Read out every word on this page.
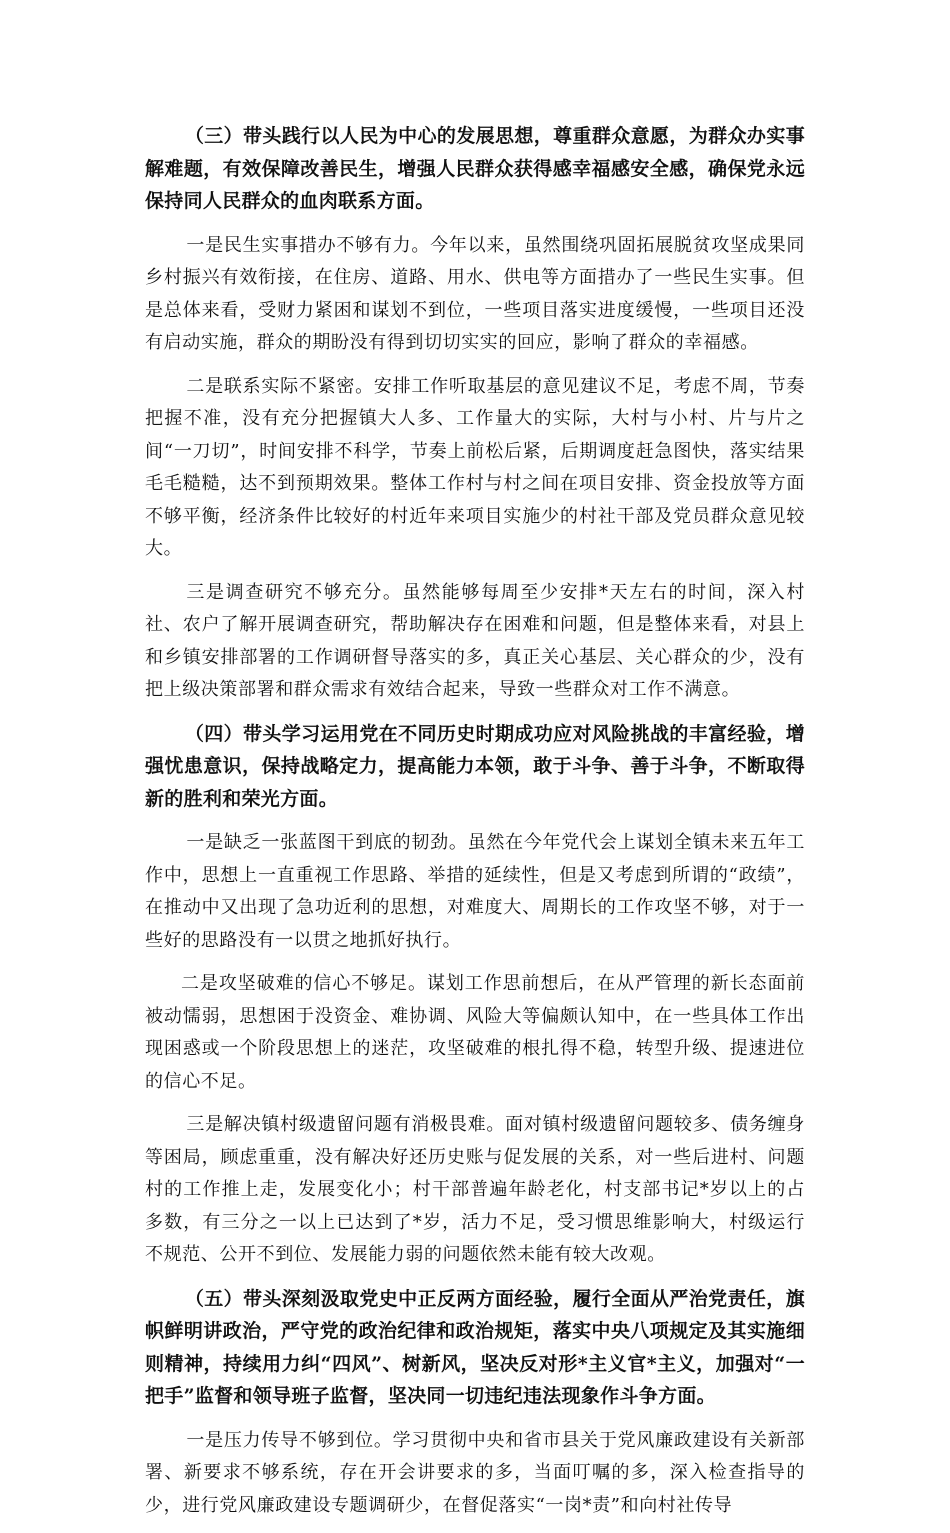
（三）带头践行以人民为中心的发展思想，尊重群众意愿，为群众办实事解难题，有效保障改善民生，增强人民群众获得感幸福感安全感，确保党永远保持同人民群众的血肉联系方面。

一是民生实事措办不够有力。今年以来，虽然围绕巩固拓展脱贫攻坚成果同乡村振兴有效衔接，在住房、道路、用水、供电等方面措办了一些民生实事。但是总体来看，受财力紧困和谋划不到位，一些项目落实进度缓慢，一些项目还没有启动实施，群众的期盼没有得到切切实实的回应，影响了群众的幸福感。

二是联系实际不紧密。安排工作听取基层的意见建议不足，考虑不周，节奏把握不准，没有充分把握镇大人多、工作量大的实际，大村与小村、片与片之间“一刀切”，时间安排不科学，节奏上前松后紧，后期调度赶急图快，落实结果毛毛糙糙，达不到预期效果。整体工作村与村之间在项目安排、资金投放等方面不够平衡，经济条件比较好的村近年来项目实施少的村社干部及党员群众意见较大。

三是调查研究不够充分。虽然能够每周至少安排*天左右的时间，深入村社、农户了解开展调查研究，帮助解决存在困难和问题，但是整体来看，对县上和乡镇安排部署的工作调研督导落实的多，真正关心基层、关心群众的少，没有把上级决策部署和群众需求有效结合起来，导致一些群众对工作不满意。

（四）带头学习运用党在不同历史时期成功应对风险挑战的丰富经验，增强忧患意识，保持战略定力，提高能力本领，敢于斗争、善于斗争，不断取得新的胜利和荣光方面。

一是缺乏一张蓝图干到底的韧劲。虽然在今年党代会上谋划全镇未来五年工作中，思想上一直重视工作思路、举措的延续性，但是又考虑到所谓的“政绩”，在推动中又出现了急功近利的思想，对难度大、周期长的工作攻坚不够，对于一些好的思路没有一以贯之地抓好执行。

二是攻坚破难的信心不够足。谋划工作思前想后，在从严管理的新长态面前被动懦弱，思想困于没资金、难协调、风险大等偏颇认知中，在一些具体工作出现困惑或一个阶段思想上的迷茫，攻坚破难的根扎得不稳，转型升级、提速进位的信心不足。

三是解决镇村级遗留问题有消极畏难。面对镇村级遗留问题较多、债务缠身等困局，顾虑重重，没有解决好还历史账与促发展的关系，对一些后进村、问题村的工作推上走，发展变化小；村干部普遍年龄老化，村支部书记*岁以上的占多数，有三分之一以上已达到了*岁，活力不足，受习惯思维影响大，村级运行不规范、公开不到位、发展能力弱的问题依然未能有较大改观。

（五）带头深刻汲取党史中正反两方面经验，履行全面从严治党责任，旗帜鲜明讲政治，严守党的政治纪律和政治规矩，落实中央八项规定及其实施细则精神，持续用力纠“四风”、树新风，坚决反对形*主义官*主义，加强对“一把手”监督和领导班子监督，坚决同一切违纪违法现象作斗争方面。

一是压力传导不够到位。学习贯彻中央和省市县关于党风廉政建设有关新部署、新要求不够系统，存在开会讲要求的多，当面叮嘱的多，深入检查指导的少，进行党风廉政建设专题调研少，在督促落实“一岗*责”和向村社传导
